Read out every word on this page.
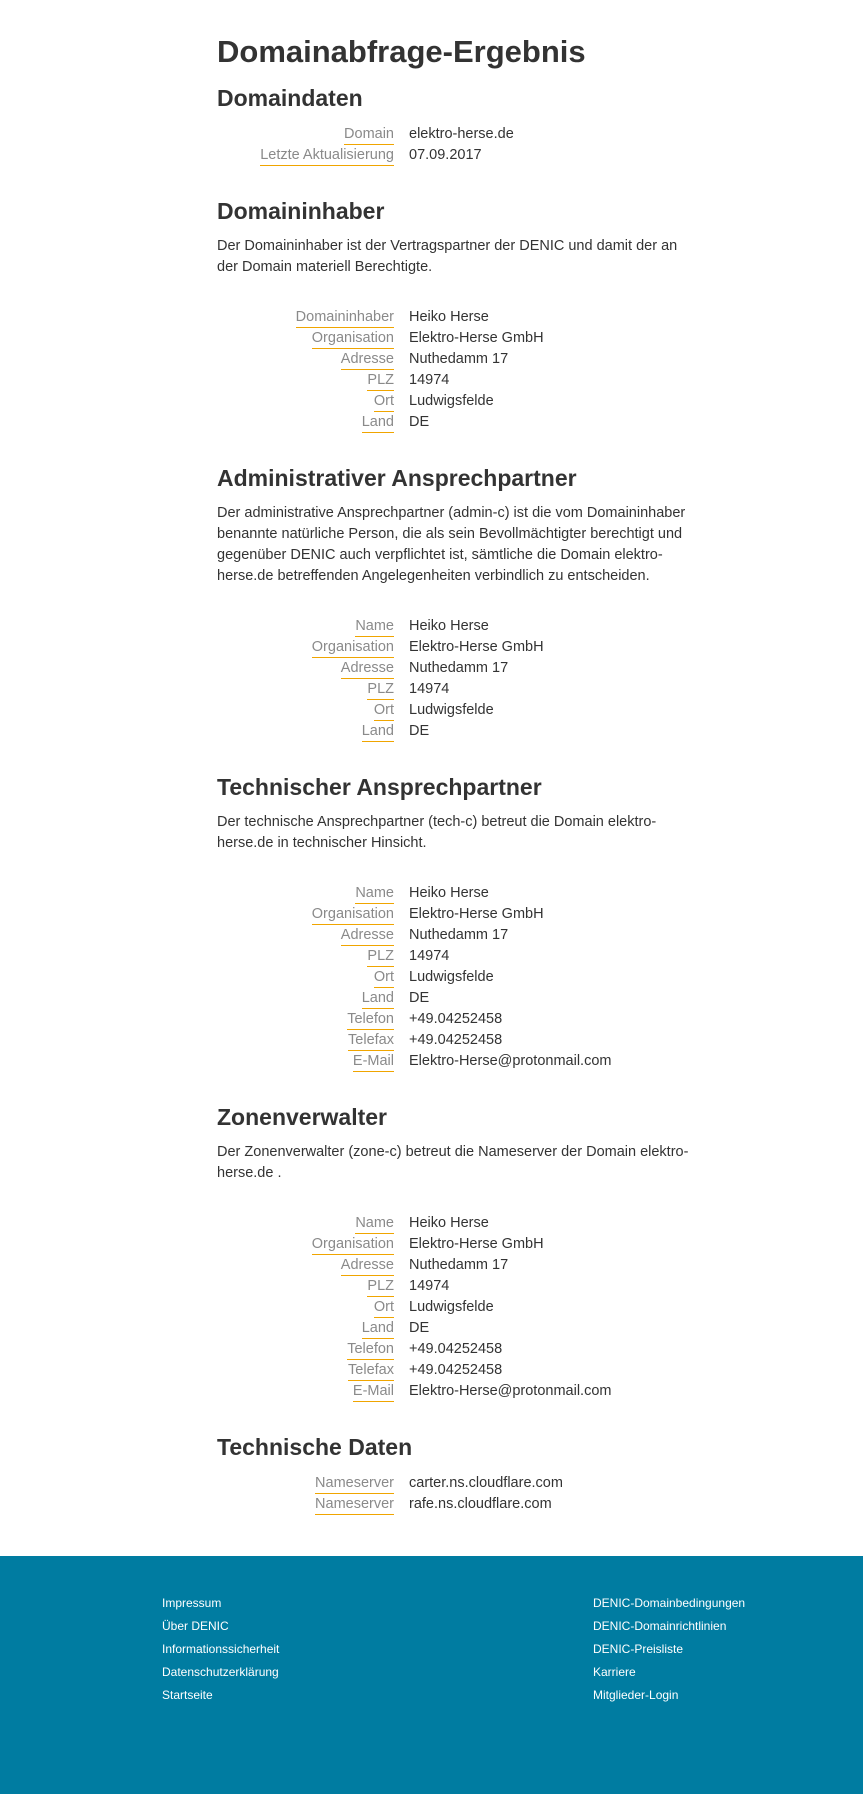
Domainabfrage-Ergebnis
Domaindaten
Domain elektro-herse.de
Letzte Aktualisierung 07.09.2017
Domaininhaber

Der Domaininhaber ist der Vertragspartner der DENIC und damit der an der Domain materiell Berechtigte.

Domaininhaber Heiko Herse
Organisation Elektro-Herse GmbH
Adresse Nuthedamm 17
PLZ 14974
Ort Ludwigsfelde
Land DE
Administrativer Ansprechpartner

Der administrative Ansprechpartner (admin-c) ist die vom Domaininhaber benannte natürliche Person, die als sein Bevollmächtigter berechtigt und gegenüber DENIC auch verpflichtet ist, sämtliche die Domain elektro-herse.de betreffenden Angelegenheiten verbindlich zu entscheiden.

Name Heiko Herse
Organisation Elektro-Herse GmbH
Adresse Nuthedamm 17
PLZ 14974
Ort Ludwigsfelde
Land DE
Technischer Ansprechpartner

Der technische Ansprechpartner (tech-c) betreut die Domain elektro-herse.de in technischer Hinsicht.

Name Heiko Herse
Organisation Elektro-Herse GmbH
Adresse Nuthedamm 17
PLZ 14974
Ort Ludwigsfelde
Land DE
Telefon +49.04252458
Telefax +49.04252458
E-Mail Elektro-Herse@protonmail.com
Zonenverwalter

Der Zonenverwalter (zone-c) betreut die Nameserver der Domain elektro-herse.de .

Name Heiko Herse
Organisation Elektro-Herse GmbH
Adresse Nuthedamm 17
PLZ 14974
Ort Ludwigsfelde
Land DE
Telefon +49.04252458
Telefax +49.04252458
E-Mail Elektro-Herse@protonmail.com
Technische Daten
Nameserver carter.ns.cloudflare.com
Nameserver rafe.ns.cloudflare.com
Impressum
Über DENIC
Informationssicherheit
Datenschutzerklärung
Startseite
DENIC-Domainbedingungen
DENIC-Domainrichtlinien
DENIC-Preisliste
Karriere
Mitglieder-Login
